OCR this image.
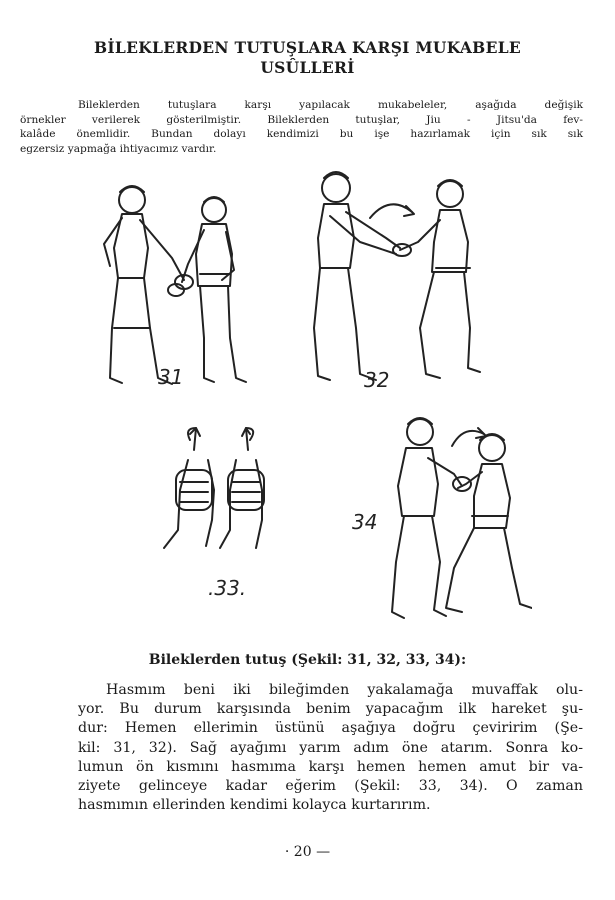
BİLEKLERDEN TUTUŞLARA KARŞI MUKABELE
USÛLLERİ
Bileklerden tutuşlara karşı yapılacak mukabeleler, aşağıda değişik
örnekler verilerek gösterilmiştir. Bileklerden tutuşlar, Jiu - Jitsu'da fev-
kalâde önemlidir. Bundan dolayı kendimizi bu işe hazırlamak için sık sık
egzersiz yapmağa ihtiyacımız vardır.
31	32
.33.
34
Bileklerden tutuş (Şekil: 31, 32, 33, 34):
Hasmım beni iki bileğimden yakalamağa muvaffak olu-
yor. Bu durum karşısında benim yapacağım ilk hareket şu-
dur: Hemen ellerimin üstünü aşağıya doğru çeviririm (Şe-
kil: 31, 32). Sağ ayağımı yarım adım öne atarım. Sonra ko-
lumun ön kısmını hasmıma karşı hemen hemen amut bir va-
ziyete gelinceye kadar eğerim (Şekil: 33, 34). O zaman
hasmımın ellerinden kendimi kolayca kurtarırım.
· 20 —
